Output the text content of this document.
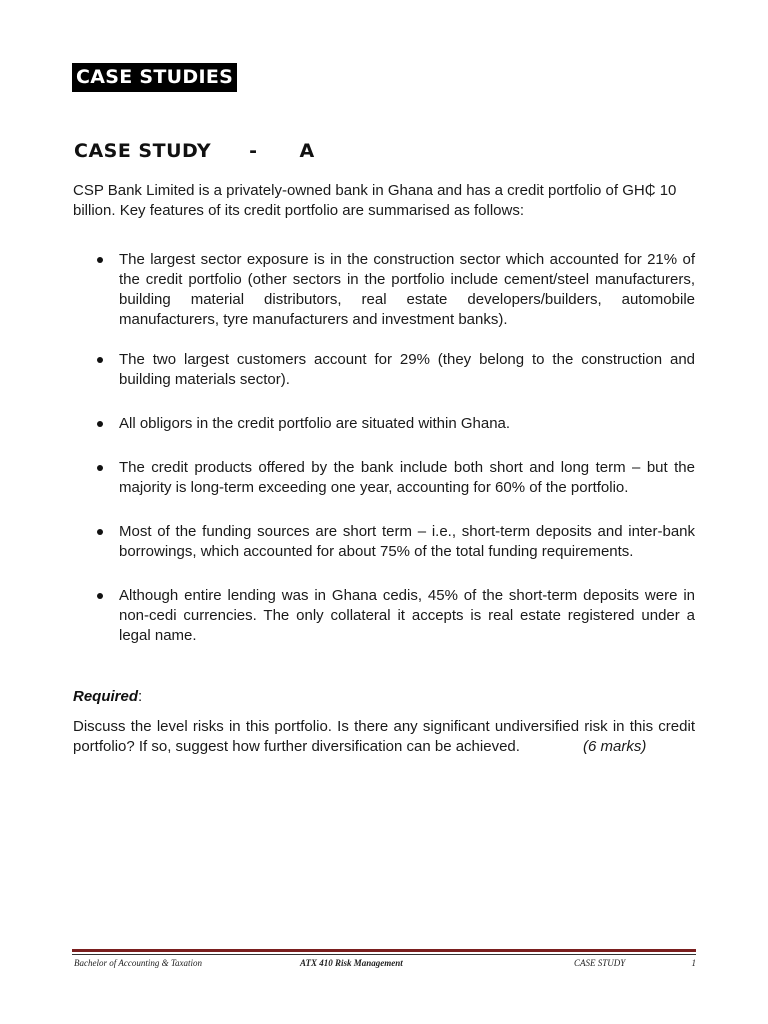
CASE STUDIES
CASE STUDY - A
CSP Bank Limited is a privately-owned bank in Ghana and has a credit portfolio of GH₵ 10 billion. Key features of its credit portfolio are summarised as follows:
The largest sector exposure is in the construction sector which accounted for 21% of the credit portfolio (other sectors in the portfolio include cement/steel manufacturers, building material distributors, real estate developers/builders, automobile manufacturers, tyre manufacturers and investment banks).
The two largest customers account for 29% (they belong to the construction and building materials sector).
All obligors in the credit portfolio are situated within Ghana.
The credit products offered by the bank include both short and long term – but the majority is long-term exceeding one year, accounting for 60% of the portfolio.
Most of the funding sources are short term – i.e., short-term deposits and inter-bank borrowings, which accounted for about 75% of the total funding requirements.
Although entire lending was in Ghana cedis, 45% of the short-term deposits were in non-cedi currencies. The only collateral it accepts is real estate registered under a legal name.
Required:
Discuss the level risks in this portfolio. Is there any significant undiversified risk in this credit portfolio? If so, suggest how further diversification can be achieved.	(6 marks)
Bachelor of Accounting & Taxation	ATX 410 Risk Management	CASE STUDY	1
